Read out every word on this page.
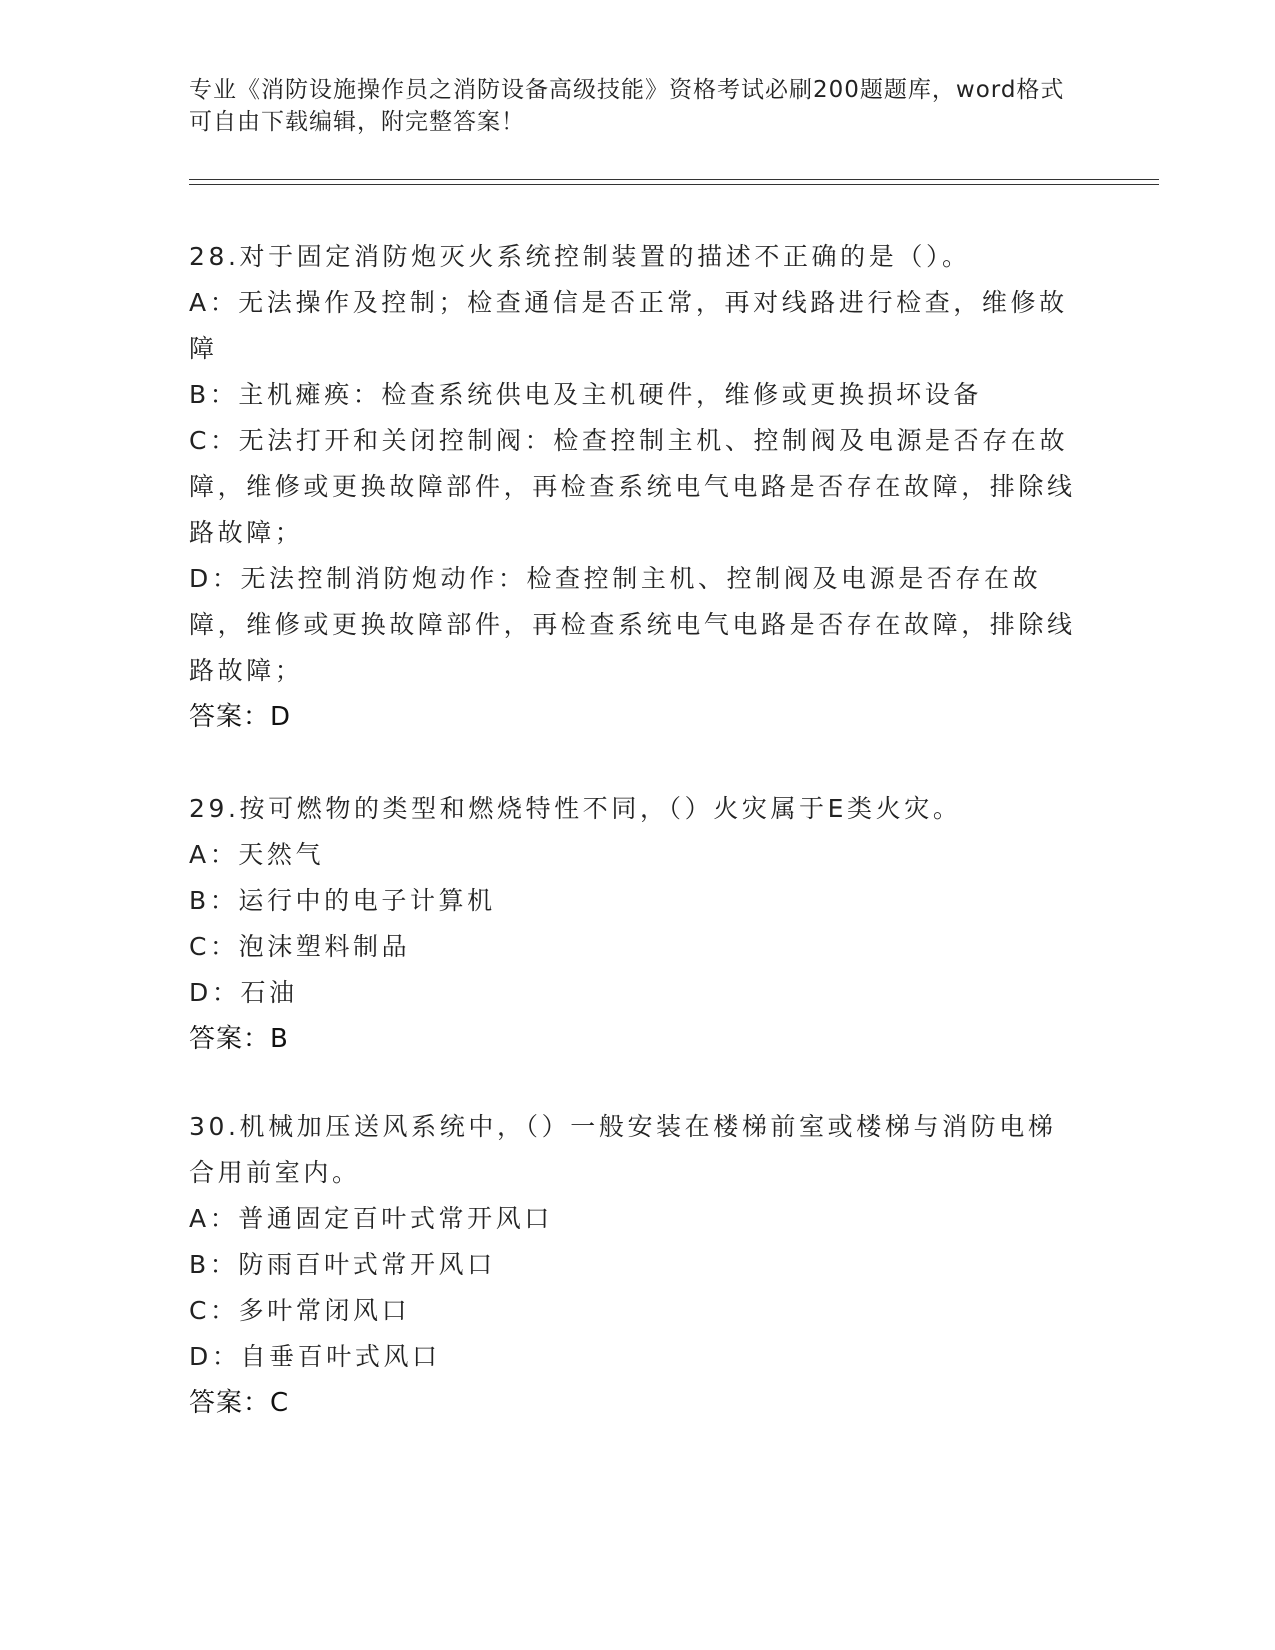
专业《消防设施操作员之消防设备高级技能》资格考试必刷200题题库，word格式可自由下载编辑，附完整答案！
28.对于固定消防炮灭火系统控制装置的描述不正确的是（）。
A：无法操作及控制；检查通信是否正常，再对线路进行检查，维修故障
B：主机瘫痪：检查系统供电及主机硬件，维修或更换损坏设备
C：无法打开和关闭控制阀：检查控制主机、控制阀及电源是否存在故障，维修或更换故障部件，再检查系统电气电路是否存在故障，排除线路故障；
D：无法控制消防炮动作：检查控制主机、控制阀及电源是否存在故障，维修或更换故障部件，再检查系统电气电路是否存在故障，排除线路故障；
答案：D
29.按可燃物的类型和燃烧特性不同，（）火灾属于E类火灾。
A：天然气
B：运行中的电子计算机
C：泡沫塑料制品
D：石油
答案：B
30.机械加压送风系统中，（）一般安装在楼梯前室或楼梯与消防电梯合用前室内。
A：普通固定百叶式常开风口
B：防雨百叶式常开风口
C：多叶常闭风口
D：自垂百叶式风口
答案：C
